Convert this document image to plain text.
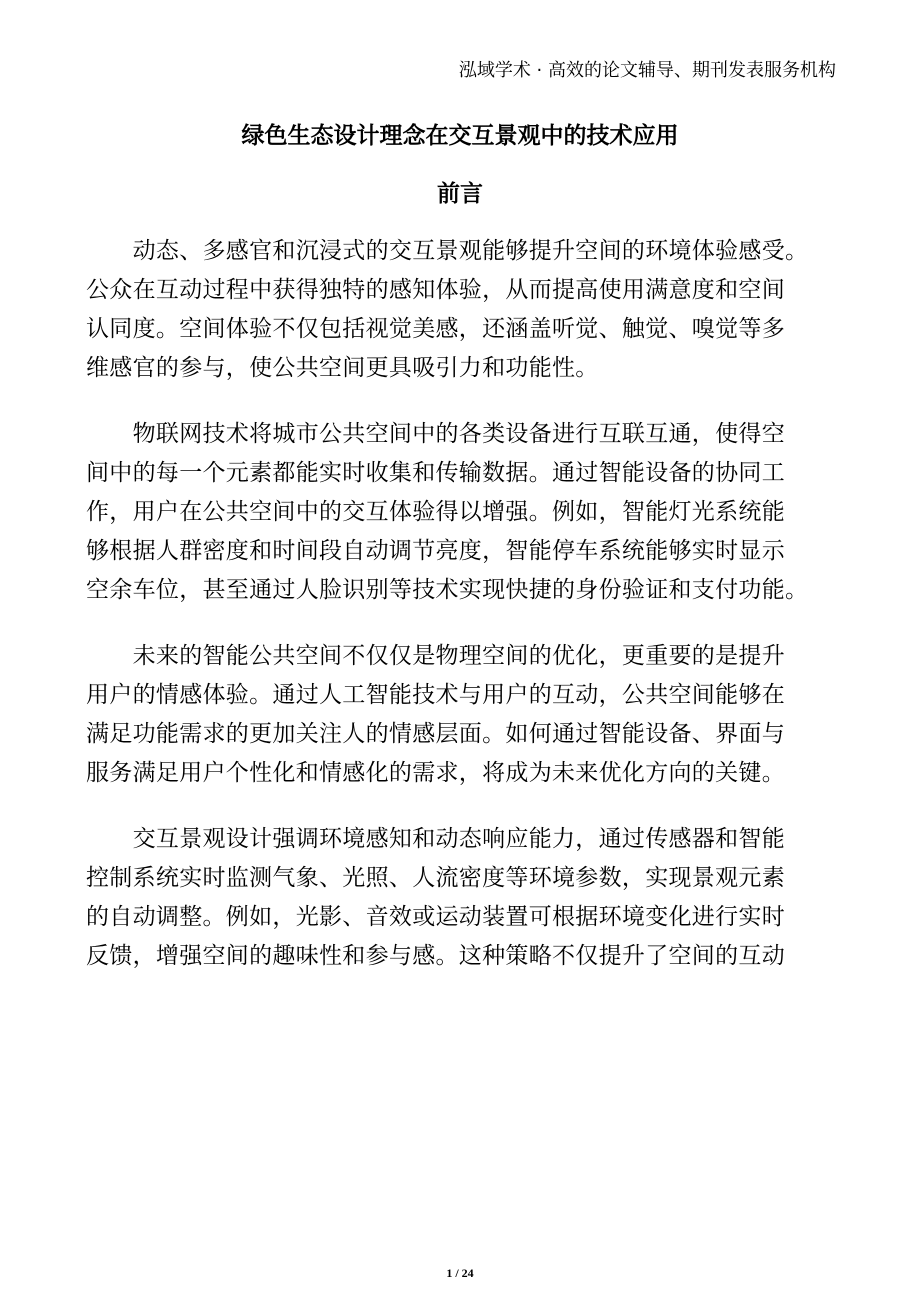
泓域学术 · 高效的论文辅导、期刊发表服务机构
绿色生态设计理念在交互景观中的技术应用
前言
　　动态、多感官和沉浸式的交互景观能够提升空间的环境体验感受。
公众在互动过程中获得独特的感知体验，从而提高使用满意度和空间
认同度。空间体验不仅包括视觉美感，还涵盖听觉、触觉、嗅觉等多
维感官的参与，使公共空间更具吸引力和功能性。
　　物联网技术将城市公共空间中的各类设备进行互联互通，使得空
间中的每一个元素都能实时收集和传输数据。通过智能设备的协同工
作，用户在公共空间中的交互体验得以增强。例如，智能灯光系统能
够根据人群密度和时间段自动调节亮度，智能停车系统能够实时显示
空余车位，甚至通过人脸识别等技术实现快捷的身份验证和支付功能。
　　未来的智能公共空间不仅仅是物理空间的优化，更重要的是提升
用户的情感体验。通过人工智能技术与用户的互动，公共空间能够在
满足功能需求的更加关注人的情感层面。如何通过智能设备、界面与
服务满足用户个性化和情感化的需求，将成为未来优化方向的关键。
　　交互景观设计强调环境感知和动态响应能力，通过传感器和智能
控制系统实时监测气象、光照、人流密度等环境参数，实现景观元素
的自动调整。例如，光影、音效或运动装置可根据环境变化进行实时
反馈，增强空间的趣味性和参与感。这种策略不仅提升了空间的互动
1 / 24
